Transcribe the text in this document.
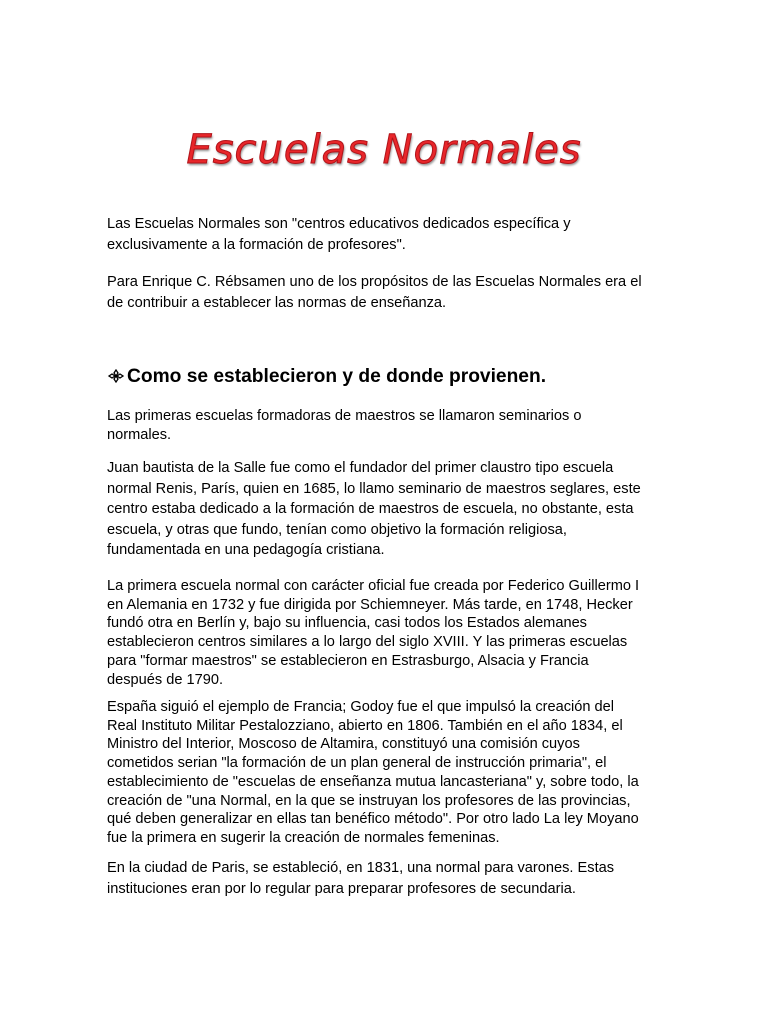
Escuelas Normales
Las Escuelas Normales son "centros educativos dedicados específica y
exclusivamente a la formación de profesores".
Para Enrique C. Rébsamen uno de los propósitos de las Escuelas Normales era el
de contribuir a establecer las normas de enseñanza.
Como se establecieron y de donde provienen.
Las primeras escuelas formadoras de maestros se llamaron seminarios o
normales.
Juan bautista de la Salle fue como el fundador del primer claustro tipo escuela
normal Renis, París, quien en 1685, lo llamo seminario de maestros seglares, este
centro estaba dedicado a la formación de maestros de escuela, no obstante, esta
escuela, y otras que fundo, tenían como objetivo la formación religiosa,
fundamentada en una pedagogía cristiana.
La primera escuela normal con carácter oficial fue creada por Federico Guillermo I
en Alemania en 1732 y fue dirigida por Schiemneyer. Más tarde, en 1748, Hecker
fundó otra en Berlín y, bajo su influencia, casi todos los Estados alemanes
establecieron centros similares a lo largo del siglo XVIII. Y las primeras escuelas
para "formar maestros" se establecieron en Estrasburgo, Alsacia y Francia
después de 1790.
España siguió el ejemplo de Francia; Godoy fue el que impulsó la creación del
Real Instituto Militar Pestalozziano, abierto en 1806. También en el año 1834, el
Ministro del Interior, Moscoso de Altamira, constituyó una comisión cuyos
cometidos serian "la formación de un plan general de instrucción primaria", el
establecimiento de "escuelas de enseñanza mutua lancasteriana" y, sobre todo, la
creación de "una Normal, en la que se instruyan los profesores de las provincias,
qué deben generalizar en ellas tan benéfico método". Por otro lado La ley Moyano
fue la primera en sugerir la creación de normales femeninas.
En la ciudad de Paris, se estableció, en 1831, una normal para varones. Estas
instituciones eran por lo regular para preparar profesores de secundaria.
